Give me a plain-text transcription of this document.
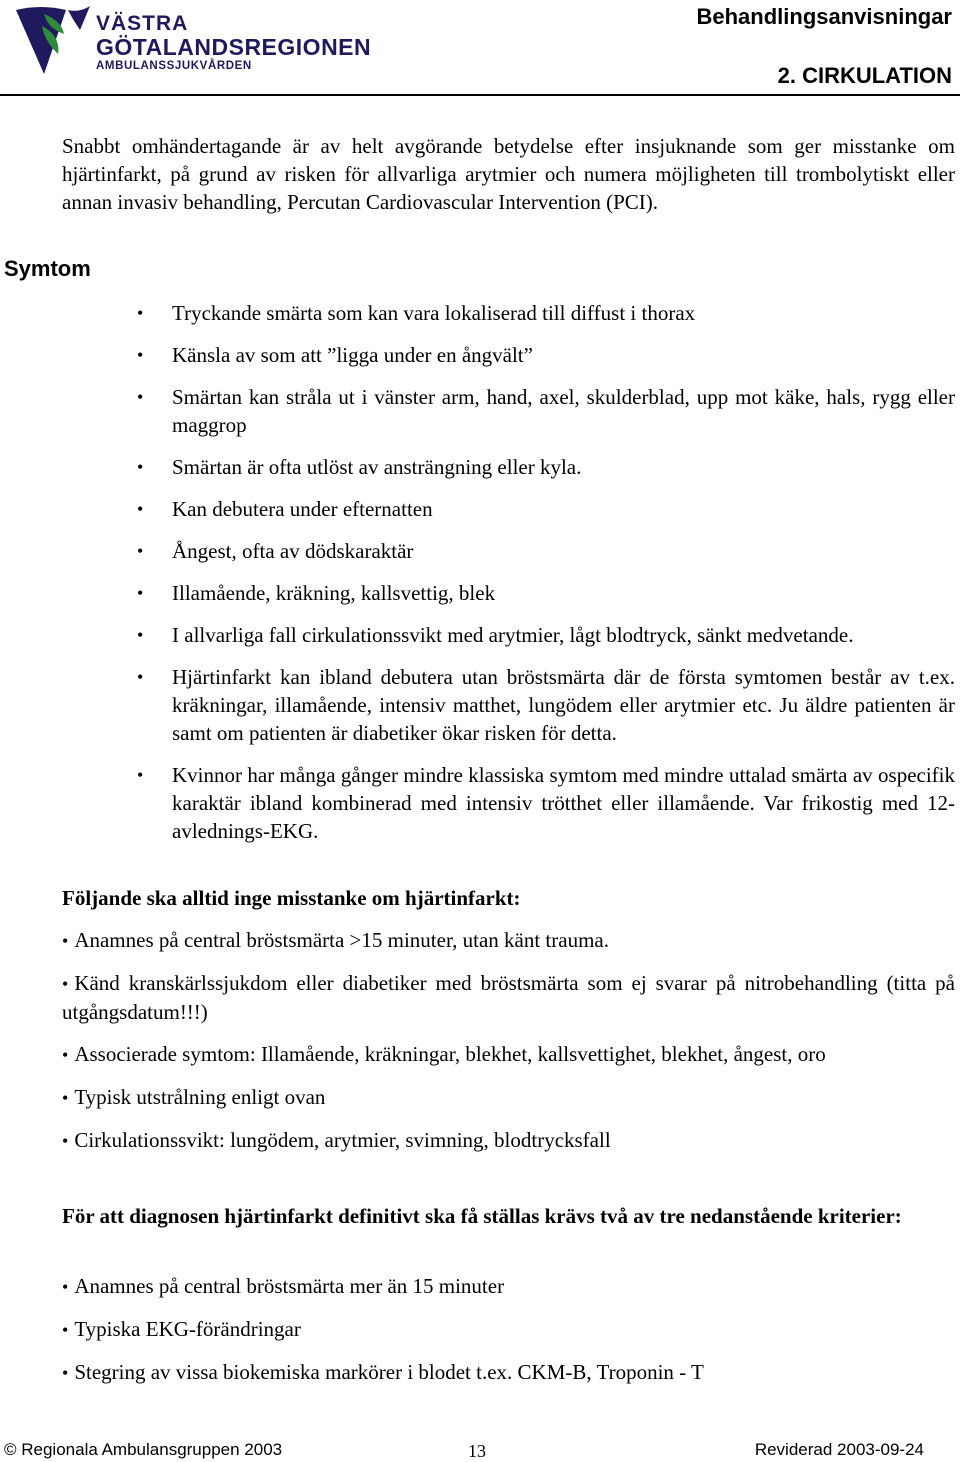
VÄSTRA
GÖTALANDSREGIONEN
AMBULANSSJUKVÅRDEN
Behandlingsanvisningar
2. CIRKULATION
Snabbt omhändertagande är av helt avgörande betydelse efter insjuknande som ger misstanke om hjärtinfarkt, på grund av risken för allvarliga arytmier och numera möjligheten till trombolytiskt eller annan invasiv behandling, Percutan Cardiovascular Intervention (PCI).
Symtom
• Tryckande smärta som kan vara lokaliserad till diffust i thorax
• Känsla av som att ”ligga under en ångvält”
• Smärtan kan stråla ut i vänster arm, hand, axel, skulderblad, upp mot käke, hals, rygg eller maggrop
• Smärtan är ofta utlöst av ansträngning eller kyla.
• Kan debutera under efternatten
• Ångest, ofta av dödskaraktär
• Illamående, kräkning, kallsvettig, blek
• I allvarliga fall cirkulationssvikt med arytmier, lågt blodtryck, sänkt medvetande.
• Hjärtinfarkt kan ibland debutera utan bröstsmärta där de första symtomen består av t.ex. kräkningar, illamående, intensiv matthet, lungödem eller arytmier etc. Ju äldre patienten är samt om patienten är diabetiker ökar risken för detta.
• Kvinnor har många gånger mindre klassiska symtom med mindre uttalad smärta av ospecifik karaktär ibland kombinerad med intensiv trötthet eller illamående. Var frikostig med 12-avlednings-EKG.
Följande ska alltid inge misstanke om hjärtinfarkt:
• Anamnes på central bröstsmärta >15 minuter, utan känt trauma.
• Känd kranskärlssjukdom eller diabetiker med bröstsmärta som ej svarar på nitrobehandling (titta på utgångsdatum!!!)
• Associerade symtom: Illamående, kräkningar, blekhet, kallsvettighet, blekhet, ångest, oro
• Typisk utstrålning enligt ovan
• Cirkulationssvikt: lungödem, arytmier, svimning, blodtrycksfall
För att diagnosen hjärtinfarkt definitivt ska få ställas krävs två av tre nedanstående kriterier:
• Anamnes på central bröstsmärta mer än 15 minuter
• Typiska EKG-förändringar
• Stegring av vissa biokemiska markörer i blodet t.ex. CKM-B, Troponin - T
© Regionala Ambulansgruppen 2003	13	Reviderad 2003-09-24
